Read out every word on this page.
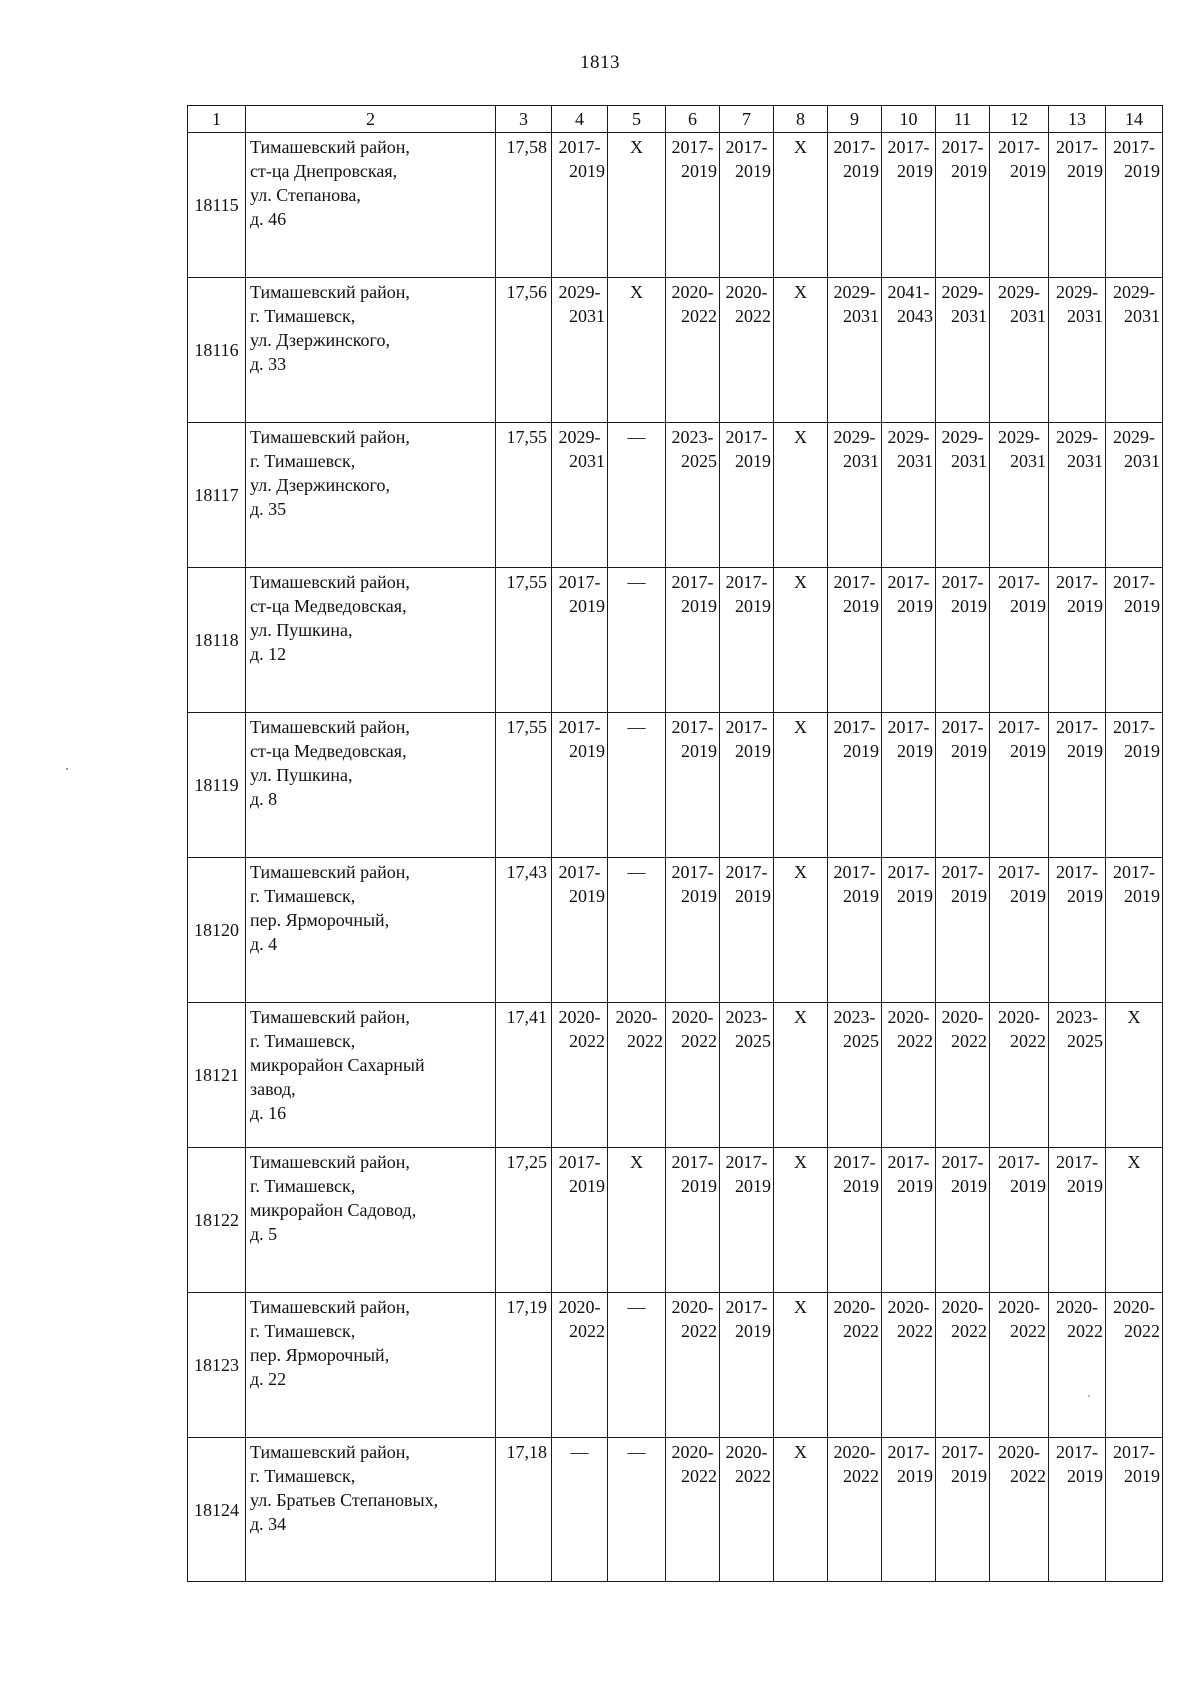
1813
1	2	3	4	5	6	7	8	9	10	11	12	13	14
18115	Тимашевский район,
ст-ца Днепровская,
ул. Степанова,
д. 46	17,58	2017-
2019	X	2017-
2019	2017-
2019	X	2017-
2019	2017-
2019	2017-
2019	2017-
2019	2017-
2019	2017-
2019

18116	Тимашевский район,
г. Тимашевск,
ул. Дзержинского,
д. 33	17,56	2029-
2031	X	2020-
2022	2020-
2022	X	2029-
2031	2041-
2043	2029-
2031	2029-
2031	2029-
2031	2029-
2031

18117	Тимашевский район,
г. Тимашевск,
ул. Дзержинского,
д. 35	17,55	2029-
2031	—	2023-
2025	2017-
2019	X	2029-
2031	2029-
2031	2029-
2031	2029-
2031	2029-
2031	2029-
2031

18118	Тимашевский район,
ст-ца Медведовская,
ул. Пушкина,
д. 12	17,55	2017-
2019	—	2017-
2019	2017-
2019	X	2017-
2019	2017-
2019	2017-
2019	2017-
2019	2017-
2019	2017-
2019

18119	Тимашевский район,
ст-ца Медведовская,
ул. Пушкина,
д. 8	17,55	2017-
2019	—	2017-
2019	2017-
2019	X	2017-
2019	2017-
2019	2017-
2019	2017-
2019	2017-
2019	2017-
2019

18120	Тимашевский район,
г. Тимашевск,
пер. Ярморочный,
д. 4	17,43	2017-
2019	—	2017-
2019	2017-
2019	X	2017-
2019	2017-
2019	2017-
2019	2017-
2019	2017-
2019	2017-
2019

18121	Тимашевский район,
г. Тимашевск,
микрорайон Сахарный
завод,
д. 16	17,41	2020-
2022	2020-
2022	2020-
2022	2023-
2025	X	2023-
2025	2020-
2022	2020-
2022	2020-
2022	2023-
2025	X

18122	Тимашевский район,
г. Тимашевск,
микрорайон Садовод,
д. 5	17,25	2017-
2019	X	2017-
2019	2017-
2019	X	2017-
2019	2017-
2019	2017-
2019	2017-
2019	2017-
2019	X

18123	Тимашевский район,
г. Тимашевск,
пер. Ярморочный,
д. 22	17,19	2020-
2022	—	2020-
2022	2017-
2019	X	2020-
2022	2020-
2022	2020-
2022	2020-
2022	2020-
2022	2020-
2022

18124	Тимашевский район,
г. Тимашевск,
ул. Братьев Степановых,
д. 34	17,18	—	—	2020-
2022	2020-
2022	X	2020-
2022	2017-
2019	2017-
2019	2020-
2022	2017-
2019	2017-
2019
